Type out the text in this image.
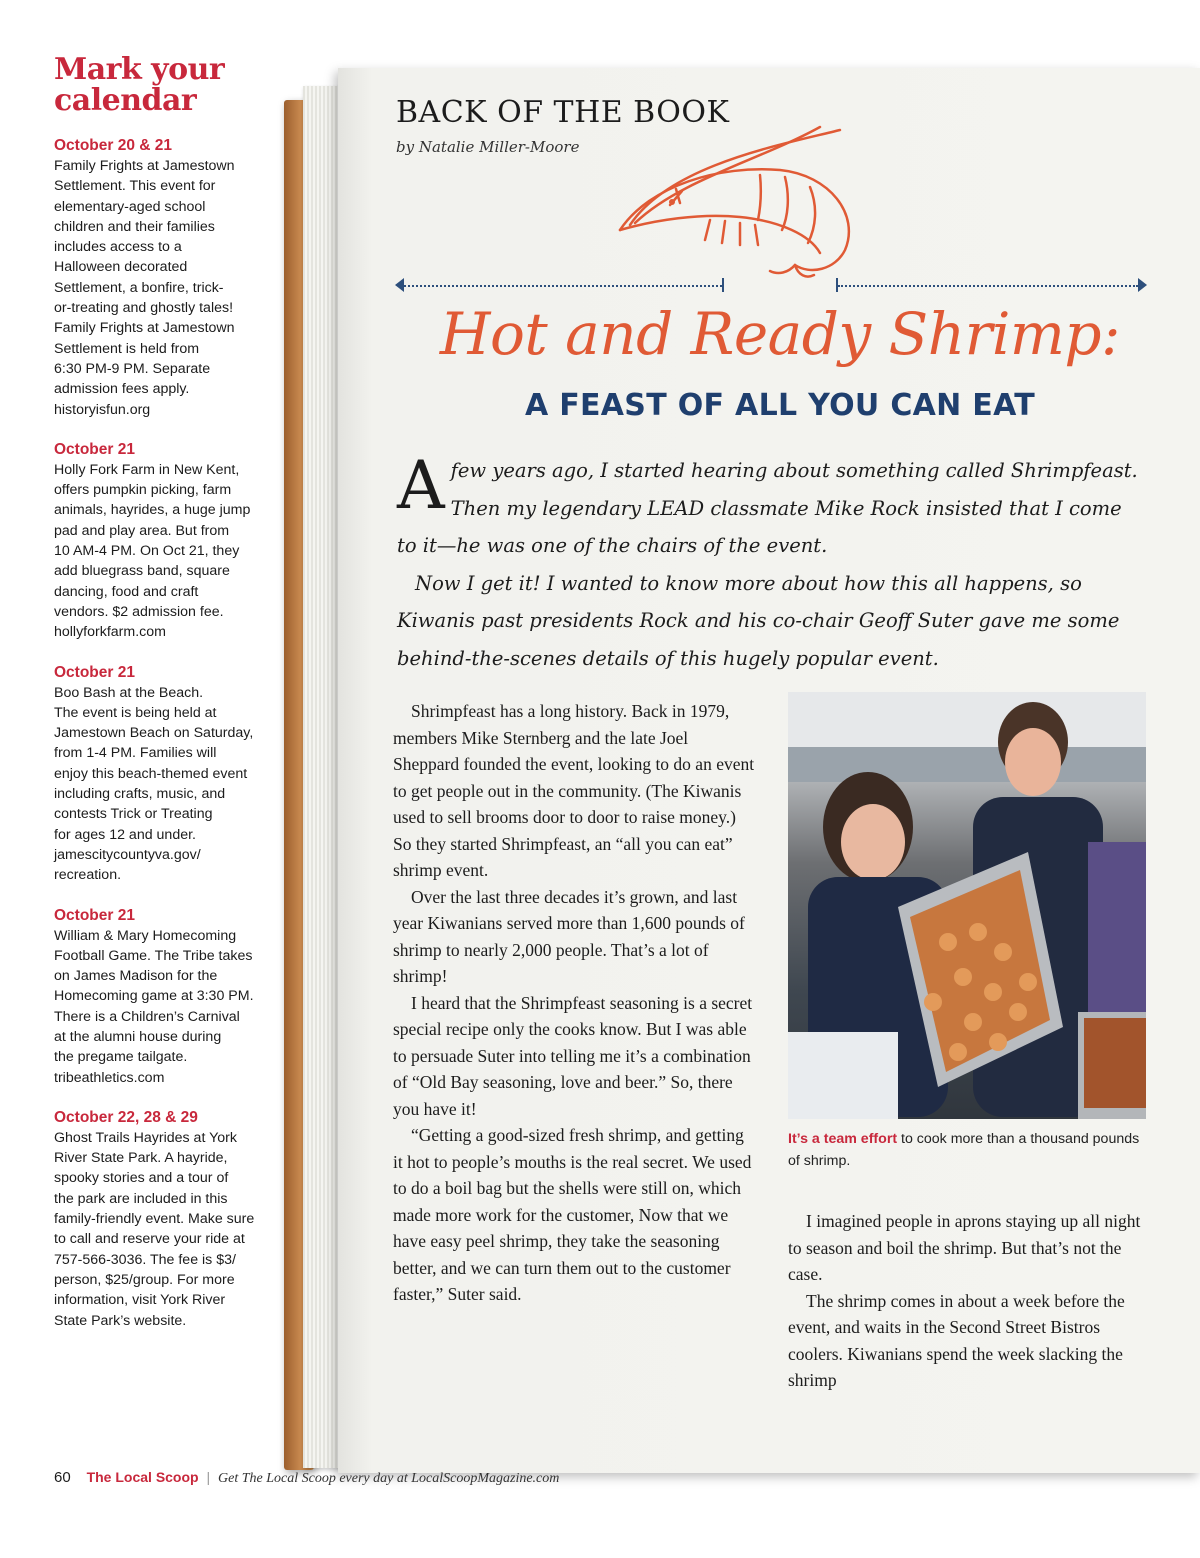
Mark your calendar
October 20 & 21
Family Frights at Jamestown
Settlement. This event for
elementary-aged school
children and their families
includes access to a
Halloween decorated
Settlement, a bonfire, trick-
or-treating and ghostly tales!
Family Frights at Jamestown
Settlement is held from
6:30 PM-9 PM. Separate
admission fees apply.
historyisfun.org
October 21
Holly Fork Farm in New Kent,
offers pumpkin picking, farm
animals, hayrides, a huge jump
pad and play area. But from
10 AM-4 PM. On Oct 21, they
add bluegrass band, square
dancing, food and craft
vendors. $2 admission fee.
hollyforkfarm.com
October 21
Boo Bash at the Beach.
The event is being held at
Jamestown Beach on Saturday,
from 1-4 PM. Families will
enjoy this beach-themed event
including crafts, music, and
contests Trick or Treating
for ages 12 and under.
jamescitycountyva.gov/
recreation.
October 21
William & Mary Homecoming
Football Game. The Tribe takes
on James Madison for the
Homecoming game at 3:30 PM.
There is a Children’s Carnival
at the alumni house during
the pregame tailgate.
tribeathletics.com
October 22, 28 & 29
Ghost Trails Hayrides at York
River State Park. A hayride,
spooky stories and a tour of
the park are included in this
family-friendly event. Make sure
to call and reserve your ride at
757-566-3036. The fee is $3/
person, $25/group. For more
information, visit York River
State Park’s website.
BACK OF THE BOOK
by Natalie Miller-Moore
Hot and Ready Shrimp:
A FEAST OF ALL YOU CAN EAT

A few years ago, I started hearing about something called Shrimpfeast. Then my legendary LEAD classmate Mike Rock insisted that I come to it—he was one of the chairs of the event.

Now I get it! I wanted to know more about how this all happens, so Kiwanis past presidents Rock and his co-chair Geoff Suter gave me some behind-the-scenes details of this hugely popular event.

Shrimpfeast has a long history. Back in 1979, members Mike Sternberg and the late Joel Sheppard founded the event, looking to do an event to get people out in the community. (The Kiwanis used to sell brooms door to door to raise money.) So they started Shrimpfeast, an “all you can eat” shrimp event.

Over the last three decades it’s grown, and last year Kiwanians served more than 1,600 pounds of shrimp to nearly 2,000 people. That’s a lot of shrimp!

I heard that the Shrimpfeast seasoning is a secret special recipe only the cooks know. But I was able to persuade Suter into telling me it’s a combination of “Old Bay seasoning, love and beer.” So, there you have it!

“Getting a good-sized fresh shrimp, and getting it hot to people’s mouths is the real secret. We used to do a boil bag but the shells were still on, which made more work for the customer, Now that we have easy peel shrimp, they take the seasoning better, and we can turn them out to the customer faster,” Suter said.

It’s a team effort to cook more than a thousand pounds of shrimp.

I imagined people in aprons staying up all night to season and boil the shrimp. But that’s not the case.

The shrimp comes in about a week before the event, and waits in the Second Street Bistros coolers. Kiwanians spend the week slacking the shrimp

60 The Local Scoop | Get The Local Scoop every day at LocalScoopMagazine.com
